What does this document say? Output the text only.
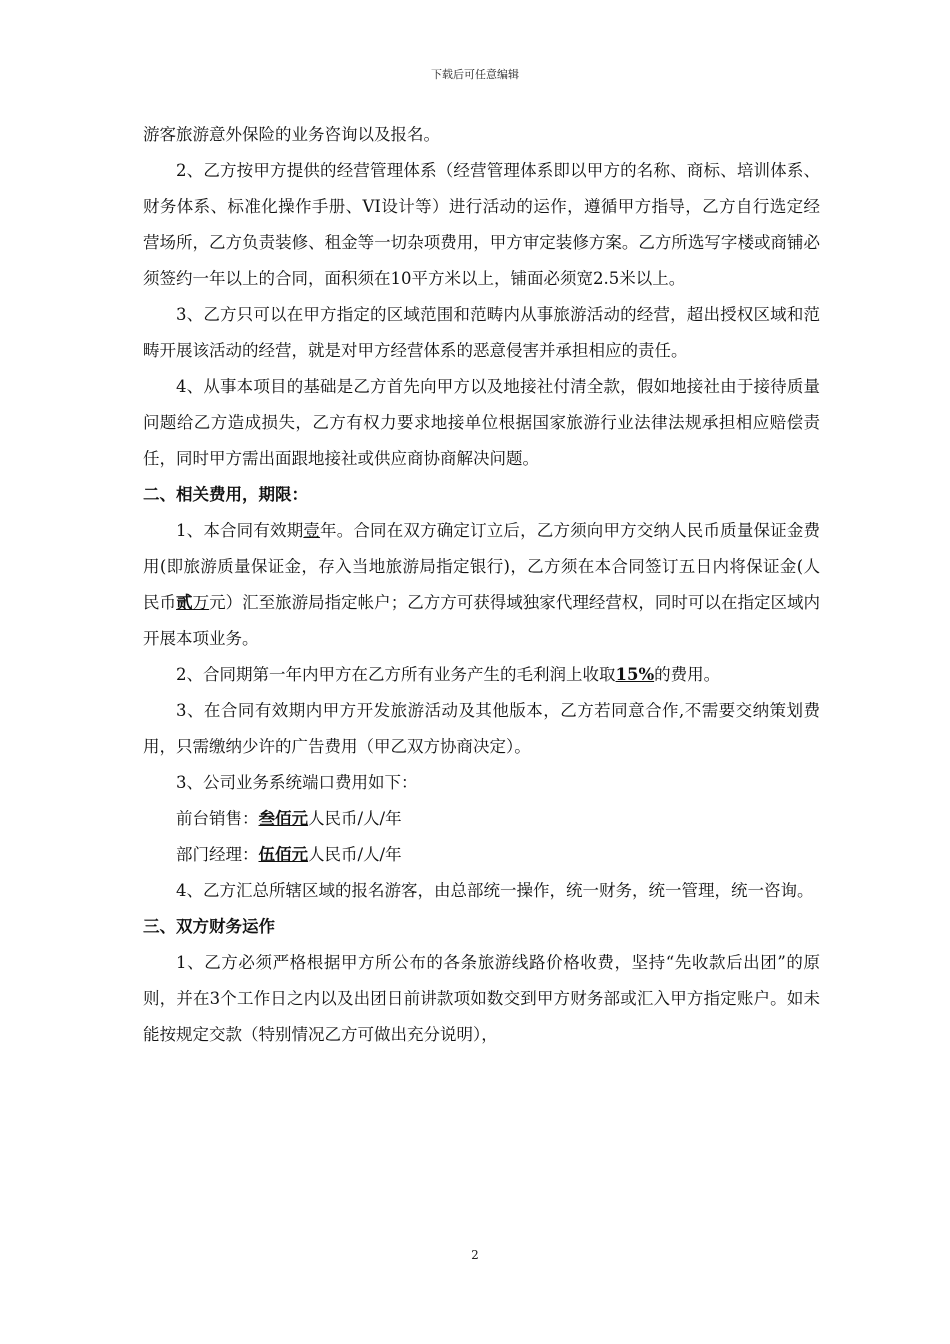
下载后可任意编辑

游客旅游意外保险的业务咨询以及报名。

2、乙方按甲方提供的经营管理体系（经营管理体系即以甲方的名称、商标、培训体系、财务体系、标准化操作手册、VI设计等）进行活动的运作，遵循甲方指导，乙方自行选定经营场所，乙方负责装修、租金等一切杂项费用，甲方审定装修方案。乙方所选写字楼或商铺必须签约一年以上的合同，面积须在10平方米以上，铺面必须宽2.5米以上。

3、乙方只可以在甲方指定的区域范围和范畴内从事旅游活动的经营，超出授权区域和范畴开展该活动的经营，就是对甲方经营体系的恶意侵害并承担相应的责任。

4、从事本项目的基础是乙方首先向甲方以及地接社付清全款，假如地接社由于接待质量问题给乙方造成损失，乙方有权力要求地接单位根据国家旅游行业法律法规承担相应赔偿责任，同时甲方需出面跟地接社或供应商协商解决问题。

二、相关费用，期限：

1、本合同有效期壹年。合同在双方确定订立后，乙方须向甲方交纳人民币质量保证金费用(即旅游质量保证金，存入当地旅游局指定银行)，乙方须在本合同签订五日内将保证金(人民币贰万元）汇至旅游局指定帐户；乙方方可获得域独家代理经营权，同时可以在指定区域内开展本项业务。

2、合同期第一年内甲方在乙方所有业务产生的毛利润上收取15%的费用。

3、在合同有效期内甲方开发旅游活动及其他版本，乙方若同意合作,不需要交纳策划费用，只需缴纳少许的广告费用（甲乙双方协商决定）。

3、公司业务系统端口费用如下：

前台销售：叁佰元人民币/人/年

部门经理：伍佰元人民币/人/年

4、乙方汇总所辖区域的报名游客，由总部统一操作，统一财务，统一管理，统一咨询。

三、双方财务运作

1、乙方必须严格根据甲方所公布的各条旅游线路价格收费，坚持“先收款后出团”的原则，并在3个工作日之内以及出团日前讲款项如数交到甲方财务部或汇入甲方指定账户。如未能按规定交款（特别情况乙方可做出充分说明），

2
